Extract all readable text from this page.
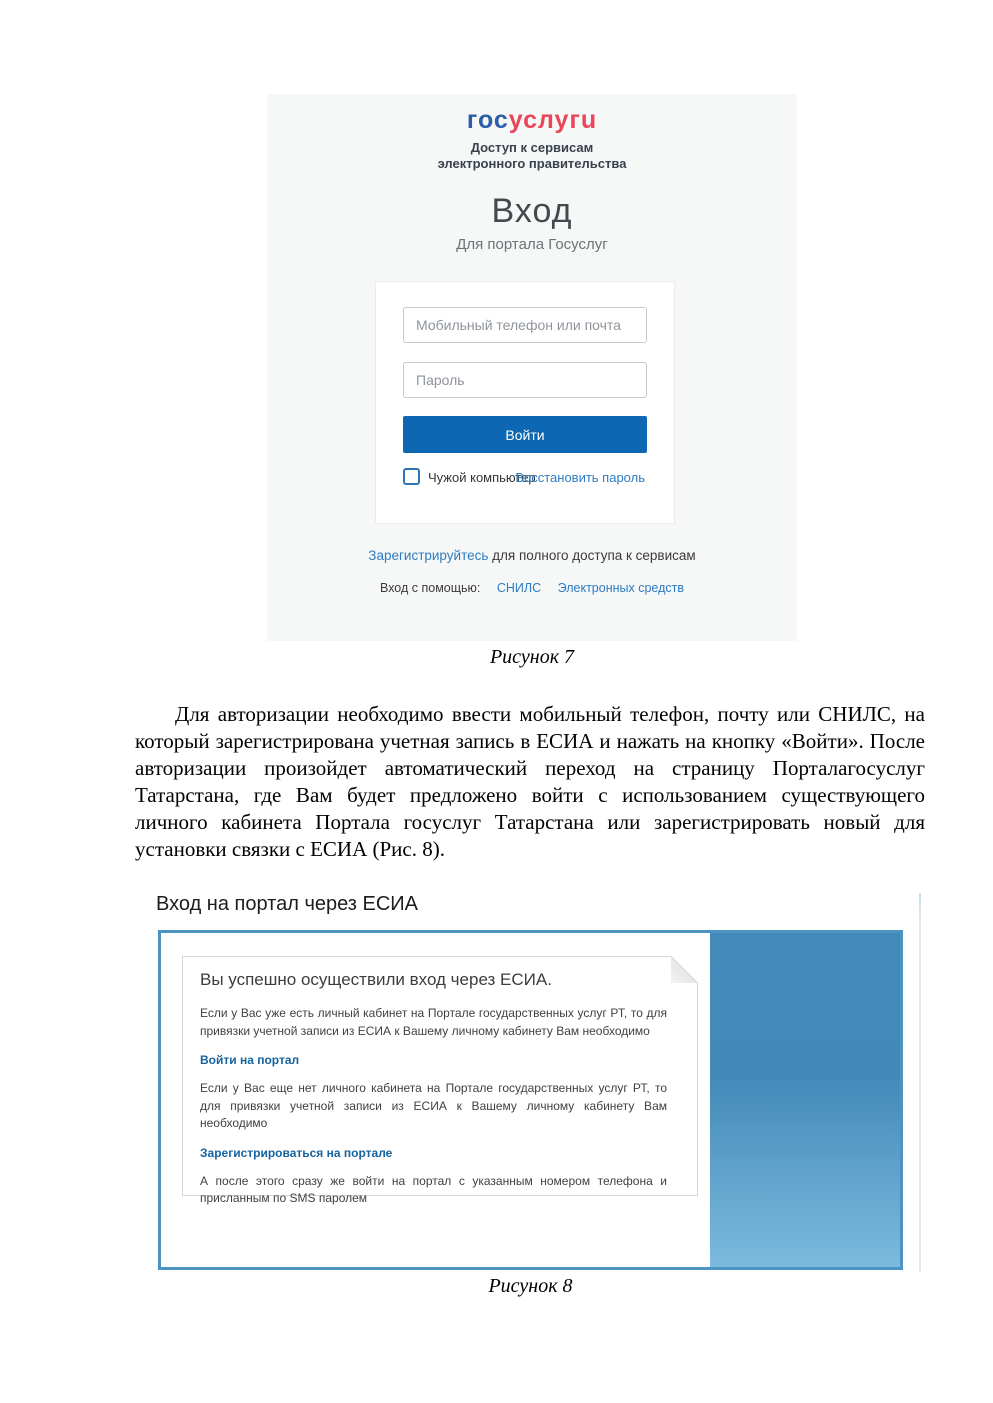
госуслугu
Доступ к сервисам
электронного правительства
Вход
Для портала Госуслуг
Мобильный телефон или почта
Пароль
Войти
Чужой компьютер
Восстановить пароль
Зарегистрируйтесь для полного доступа к сервисам
Вход с помощью: СНИЛС Электронных средств
Рисунок 7
Для авторизации необходимо ввести мобильный телефон, почту или СНИЛС, на который зарегистрирована учетная запись в ЕСИА и нажать на кнопку «Войти». После авторизации произойдет автоматический переход на страницу Порталагосуслуг Татарстана, где Вам будет предложено войти с использованием существующего личного кабинета Портала госуслуг Татарстана или зарегистрировать новый для установки связки с ЕСИА (Рис. 8).
Вход на портал через ЕСИА

Вы успешно осуществили вход через ЕСИА.

Если у Вас уже есть личный кабинет на Портале государственных услуг РТ, то для привязки учетной записи из ЕСИА к Вашему личному кабинету Вам необходимо

Войти на портал

Если у Вас еще нет личного кабинета на Портале государственных услуг РТ, то для привязки учетной записи из ЕСИА к Вашему личному кабинету Вам необходимо

Зарегистрироваться на портале

А после этого сразу же войти на портал с указанным номером телефона и присланным по SMS паролем

Рисунок 8
